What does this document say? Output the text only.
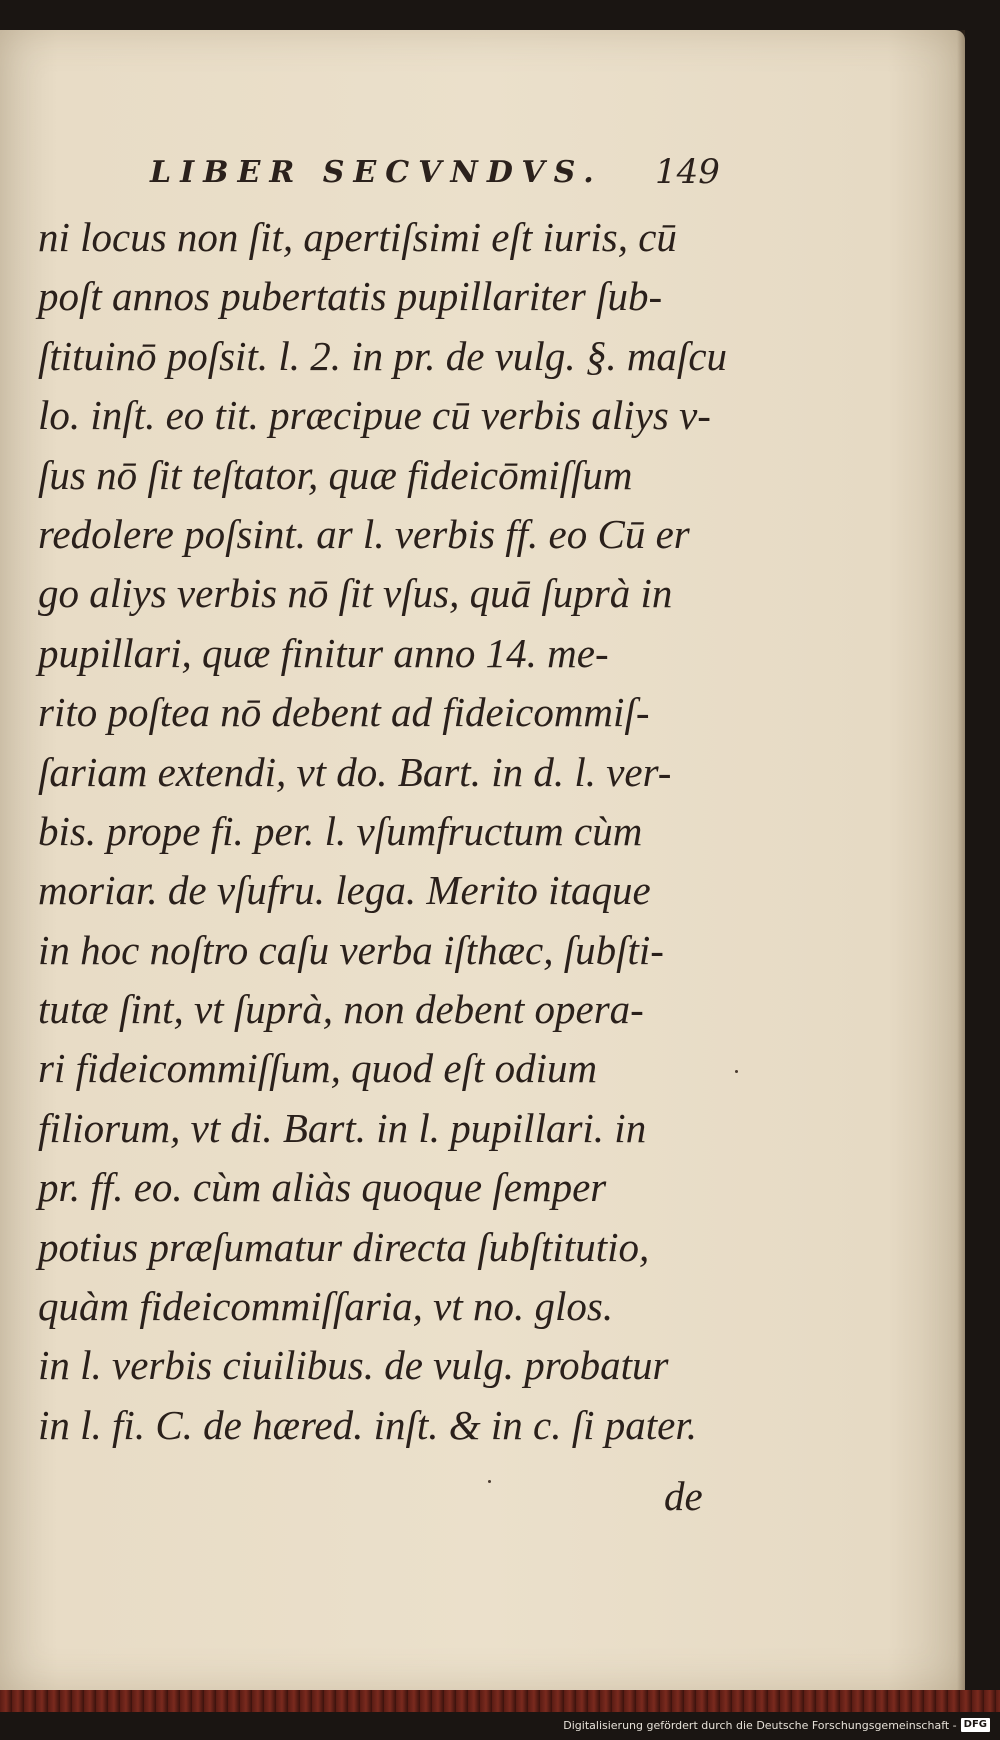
LIBER SECVNDVS.	149
ni locus non ſit, apertiſsimi eſt iuris, cū
poſt annos pubertatis pupillariter ſub-
ſtituinō poſsit. l. 2. in pr. de vulg. §. maſcu
lo. inſt. eo tit. præcipue cū verbis aliys v-
ſus nō ſit teſtator, quæ fideicōmiſſum
redolere poſsint. ar l. verbis ff. eo Cū er
go aliys verbis nō ſit vſus, quā ſuprà in
pupillari, quæ finitur anno 14. me-
rito poſtea nō debent ad fideicommiſ-
ſariam extendi, vt do. Bart. in d. l. ver-
bis. prope fi. per. l. vſumfructum cùm
moriar. de vſufru. lega. Merito itaque
in hoc noſtro caſu verba iſthæc, ſubſti-
tutæ ſint, vt ſuprà, non debent opera-
ri fideicommiſſum, quod eſt odium
filiorum, vt di. Bart. in l. pupillari. in
pr. ff. eo. cùm aliàs quoque ſemper
potius præſumatur directa ſubſtitutio,
quàm fideicommiſſaria, vt no. glos.
in l. verbis ciuilibus. de vulg. probatur
in l. fi. C. de hæred. inſt. & in c. ſi pater.
de
Digitalisierung gefördert durch die Deutsche Forschungsgemeinschaft - DFG
